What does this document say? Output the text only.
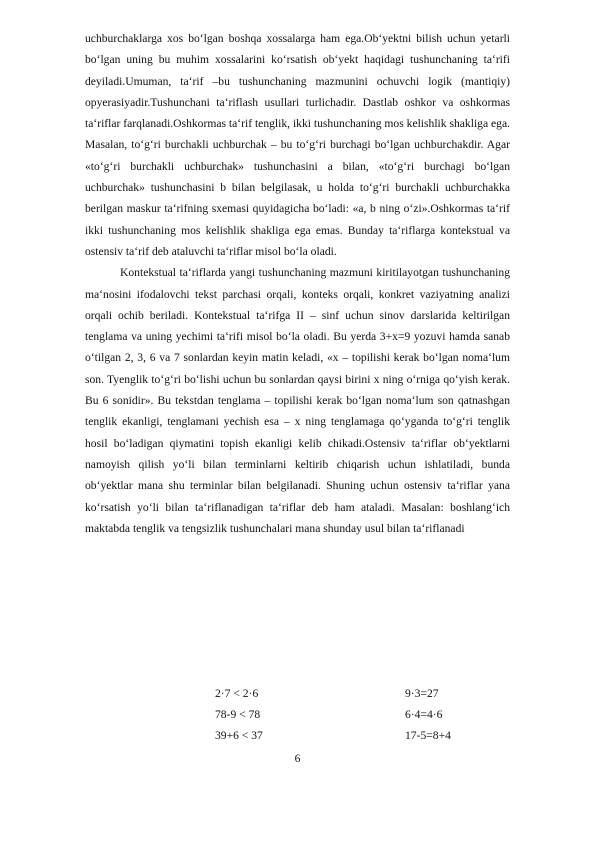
uchburchaklarga xos bo‘lgan boshqa xossalarga ham ega.Ob‘yektni bilish uchun yetarli bo‘lgan uning bu muhim xossalarini ko‘rsatish ob‘yekt haqidagi tushunchaning ta‘rifi deyiladi.Umuman, ta‘rif –bu tushunchaning mazmunini ochuvchi logik (mantiqiy) opyerasiyadir.Tushunchani ta‘riflash usullari turlichadir. Dastlab oshkor va oshkormas ta‘riflar farqlanadi.Oshkormas ta‘rif tenglik, ikki tushunchaning mos kelishlik shakliga ega. Masalan, to‘g‘ri burchakli uchburchak – bu to‘g‘ri burchagi bo‘lgan uchburchakdir. Agar «to‘g‘ri burchakli uchburchak» tushunchasini a bilan, «to‘g‘ri burchagi bo‘lgan uchburchak» tushunchasini b bilan belgilasak, u holda to‘g‘ri burchakli uchburchakka berilgan maskur ta‘rifning sxemasi quyidagicha bo‘ladi: «a, b ning o‘zi».Oshkormas ta‘rif ikki tushunchaning mos kelishlik shakliga ega emas. Bunday ta‘riflarga kontekstual va ostensiv ta‘rif deb ataluvchi ta‘riflar misol bo‘la oladi.

Kontekstual ta‘riflarda yangi tushunchaning mazmuni kiritilayotgan tushunchaning ma‘nosini ifodalovchi tekst parchasi orqali, konteks orqali, konkret vaziyatning analizi orqali ochib beriladi. Kontekstual ta‘rifga II – sinf uchun sinov darslarida keltirilgan tenglama va uning yechimi ta‘rifi misol bo‘la oladi. Bu yerda 3+x=9 yozuvi hamda sanab o‘tilgan 2, 3, 6 va 7 sonlardan keyin matin keladi, «x – topilishi kerak bo‘lgan noma‘lum son. Tyenglik to‘g‘ri bo‘lishi uchun bu sonlardan qaysi birini x ning o‘rniga qo‘yish kerak. Bu 6 sonidir». Bu tekstdan tenglama – topilishi kerak bo‘lgan noma‘lum son qatnashgan tenglik ekanligi, tenglamani yechish esa – x ning tenglamaga qo‘yganda to‘g‘ri tenglik hosil bo‘ladigan qiymatini topish ekanligi kelib chikadi.Ostensiv ta‘riflar ob‘yektlarni namoyish qilish yo‘li bilan terminlarni keltirib chiqarish uchun ishlatiladi, bunda ob‘yektlar mana shu terminlar bilan belgilanadi. Shuning uchun ostensiv ta‘riflar yana ko‘rsatish yo‘li bilan ta‘riflanadigan ta‘riflar deb ham ataladi. Masalan: boshlang‘ich maktabda tenglik va tengsizlik tushunchalari mana shunday usul bilan ta‘riflanadi

2·7 < 2·6	9·3=27
78-9 < 78	6·4=4·6
39+6 < 37	17-5=8+4
6
